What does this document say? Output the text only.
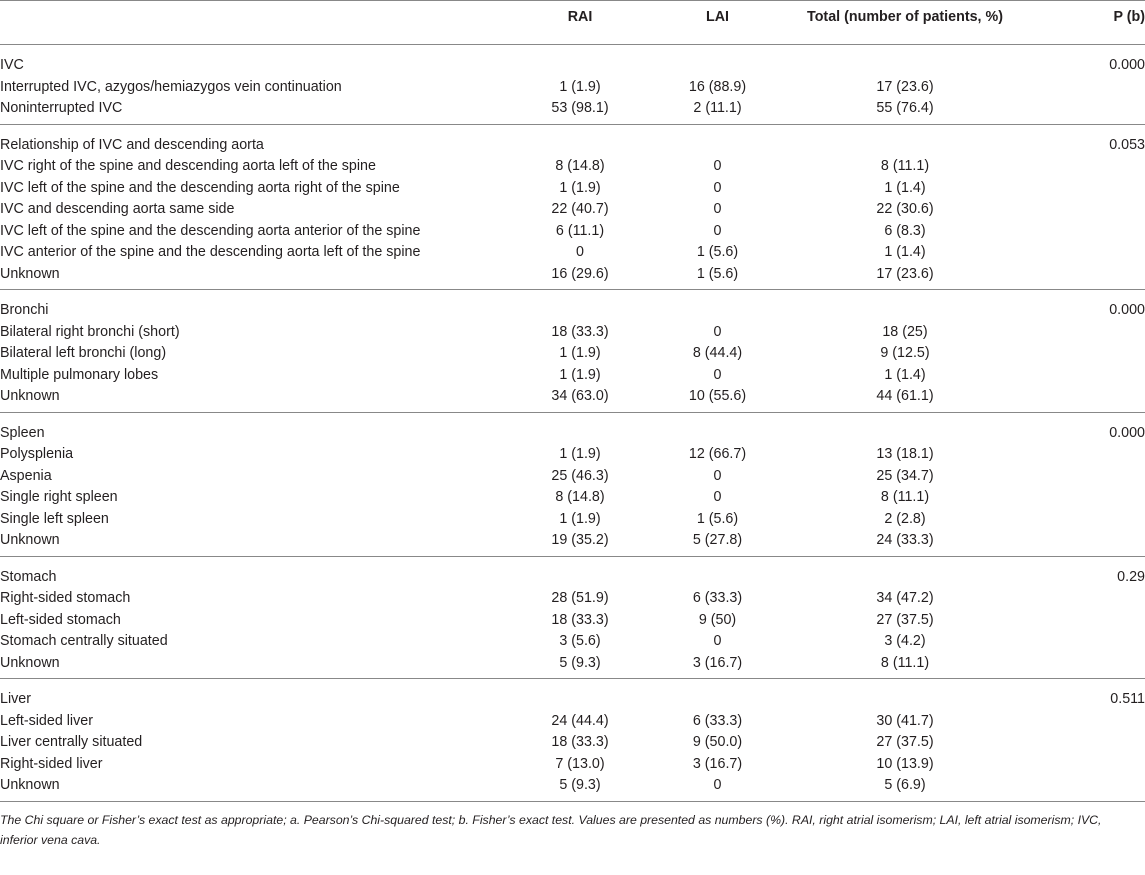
	RAI	LAI	Total (number of patients, %)	P (b)
IVC				0.000
Interrupted IVC, azygos/hemiazygos vein continuation	1 (1.9)	16 (88.9)	17 (23.6)	
Noninterrupted IVC	53 (98.1)	2 (11.1)	55 (76.4)	
Relationship of IVC and descending aorta				0.053
IVC right of the spine and descending aorta left of the spine	8 (14.8)	0	8 (11.1)	
IVC left of the spine and the descending aorta right of the spine	1 (1.9)	0	1 (1.4)	
IVC and descending aorta same side	22 (40.7)	0	22 (30.6)	
IVC left of the spine and the descending aorta anterior of the spine	6 (11.1)	0	6 (8.3)	
IVC anterior of the spine and the descending aorta left of the spine	0	1 (5.6)	1 (1.4)	
Unknown	16 (29.6)	1 (5.6)	17 (23.6)	
Bronchi				0.000
Bilateral right bronchi (short)	18 (33.3)	0	18 (25)	
Bilateral left bronchi (long)	1 (1.9)	8 (44.4)	9 (12.5)	
Multiple pulmonary lobes	1 (1.9)	0	1 (1.4)	
Unknown	34 (63.0)	10 (55.6)	44 (61.1)	
Spleen				0.000
Polysplenia	1 (1.9)	12 (66.7)	13 (18.1)	
Aspenia	25 (46.3)	0	25 (34.7)	
Single right spleen	8 (14.8)	0	8 (11.1)	
Single left spleen	1 (1.9)	1 (5.6)	2 (2.8)	
Unknown	19 (35.2)	5 (27.8)	24 (33.3)	
Stomach				0.29
Right-sided stomach	28 (51.9)	6 (33.3)	34 (47.2)	
Left-sided stomach	18 (33.3)	9 (50)	27 (37.5)	
Stomach centrally situated	3 (5.6)	0	3 (4.2)	
Unknown	5 (9.3)	3 (16.7)	8 (11.1)	
Liver				0.511
Left-sided liver	24 (44.4)	6 (33.3)	30 (41.7)	
Liver centrally situated	18 (33.3)	9 (50.0)	27 (37.5)	
Right-sided liver	7 (13.0)	3 (16.7)	10 (13.9)	
Unknown	5 (9.3)	0	5 (6.9)	
The Chi square or Fisher’s exact test as appropriate; a. Pearson’s Chi-squared test; b. Fisher’s exact test. Values are presented as numbers (%). RAI, right atrial isomerism; LAI, left atrial isomerism; IVC, inferior vena cava.
